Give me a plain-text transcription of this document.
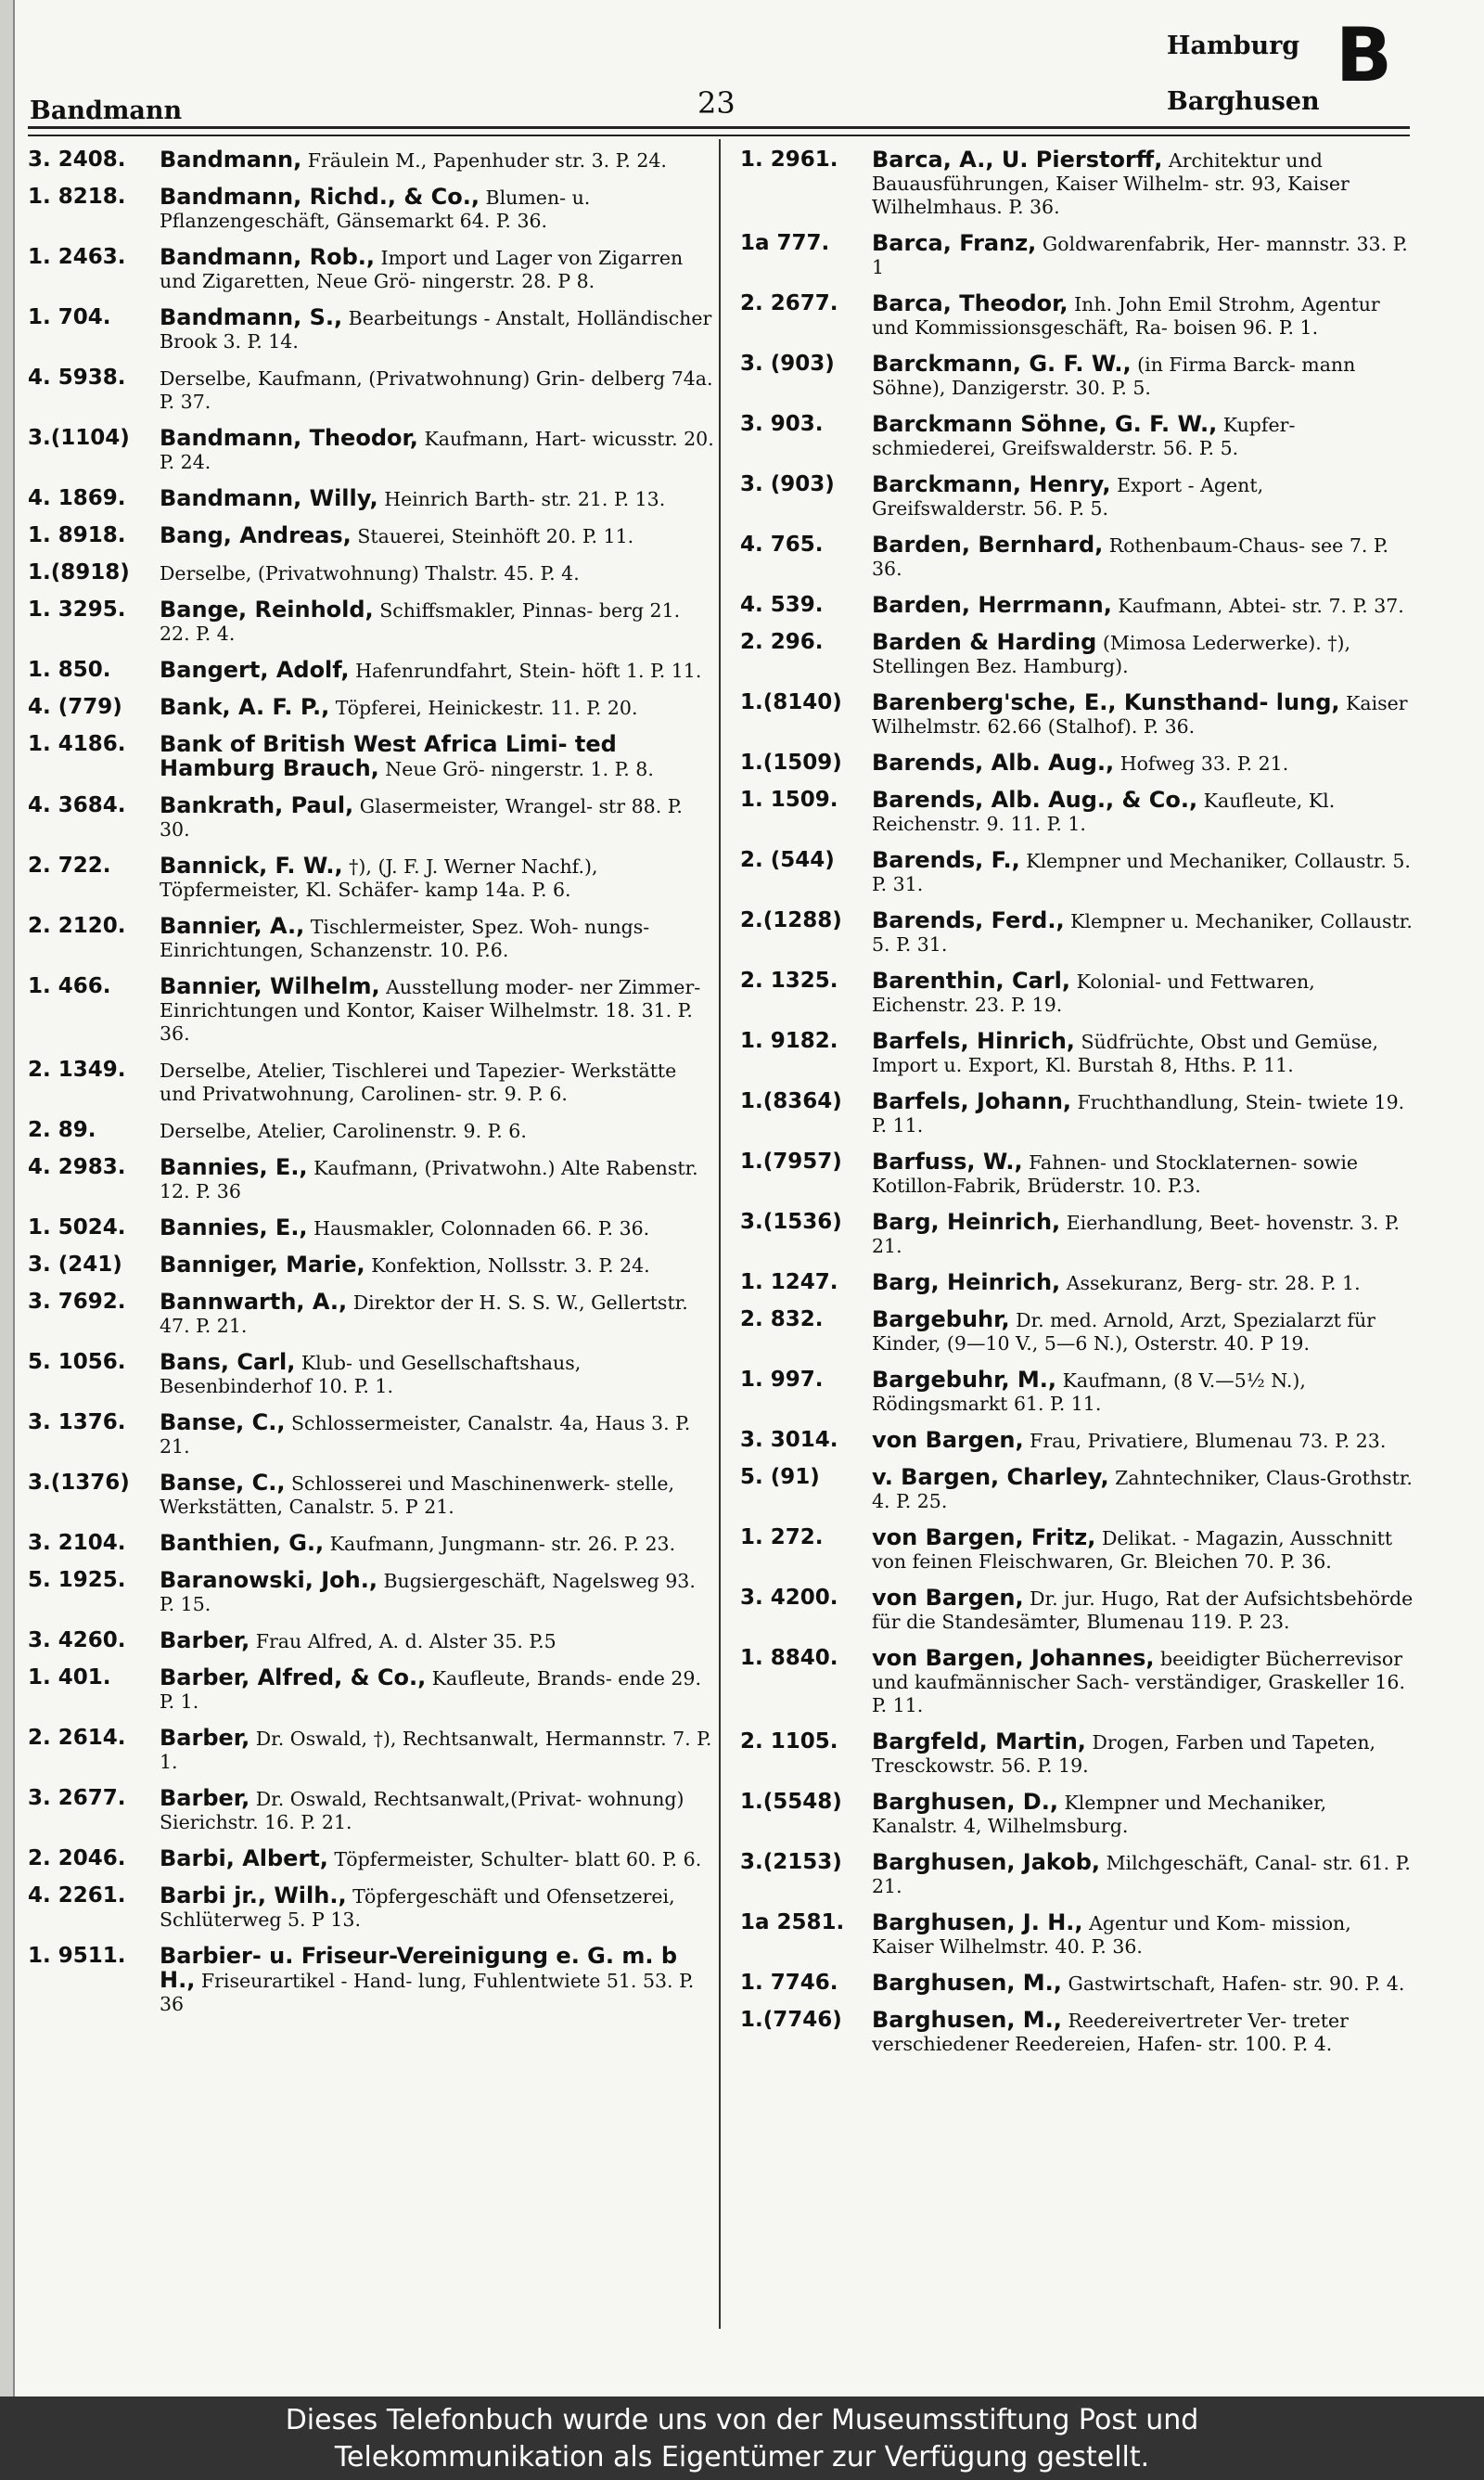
Bandmann	23
Hamburg B
Barghusen
3. 2408. Bandmann, Fräulein M., Papenhuder str. 3. P. 24.
1. 8218. Bandmann, Richd., & Co., Blumen- u. Pflanzengeschäft, Gänsemarkt 64. P. 36.
1. 2463. Bandmann, Rob., Import und Lager von Zigarren und Zigaretten, Neue Grö- ningerstr. 28. P 8.
1. 704. Bandmann, S., Bearbeitungs - Anstalt, Holländischer Brook 3. P. 14.
4. 5938. Derselbe, Kaufmann, (Privatwohnung) Grin- delberg 74a. P. 37.
3.(1104) Bandmann, Theodor, Kaufmann, Hart- wicusstr. 20. P. 24.
4. 1869. Bandmann, Willy, Heinrich Barth- str. 21. P. 13.
1. 8918. Bang, Andreas, Stauerei, Steinhöft 20. P. 11.
1.(8918) Derselbe, (Privatwohnung) Thalstr. 45. P. 4.
1. 3295. Bange, Reinhold, Schiffsmakler, Pinnas- berg 21. 22. P. 4.
1. 850. Bangert, Adolf, Hafenrundfahrt, Stein- höft 1. P. 11.
4. (779) Bank, A. F. P., Töpferei, Heinickestr. 11. P. 20.
1. 4186. Bank of British West Africa Limi- ted Hamburg Brauch, Neue Grö- ningerstr. 1. P. 8.
4. 3684. Bankrath, Paul, Glasermeister, Wrangel- str 88. P. 30.
2. 722. Bannick, F. W., †), (J. F. J. Werner Nachf.), Töpfermeister, Kl. Schäfer- kamp 14a. P. 6.
2. 2120. Bannier, A., Tischlermeister, Spez. Woh- nungs-Einrichtungen, Schanzenstr. 10. P.6.
1. 466. Bannier, Wilhelm, Ausstellung moder- ner Zimmer-Einrichtungen und Kontor, Kaiser Wilhelmstr. 18. 31. P. 36.
2. 1349. Derselbe, Atelier, Tischlerei und Tapezier- Werkstätte und Privatwohnung, Carolinen- str. 9. P. 6.
2. 89.	Derselbe, Atelier, Carolinenstr. 9. P. 6.
4. 2983. Bannies, E., Kaufmann, (Privatwohn.) Alte Rabenstr. 12. P. 36
1. 5024. Bannies, E., Hausmakler, Colonnaden 66. P. 36.
3. (241) Banniger, Marie, Konfektion, Nollsstr. 3. P. 24.
3. 7692. Bannwarth, A., Direktor der H. S. S. W., Gellertstr. 47. P. 21.
5. 1056. Bans, Carl, Klub- und Gesellschaftshaus, Besenbinderhof 10. P. 1.
3. 1376. Banse, C., Schlossermeister, Canalstr. 4a, Haus 3. P. 21.
3.(1376) Banse, C., Schlosserei und Maschinenwerk- stelle, Werkstätten, Canalstr. 5. P 21.
3. 2104. Banthien, G., Kaufmann, Jungmann- str. 26. P. 23.
5. 1925. Baranowski, Joh., Bugsiergeschäft, Nagelsweg 93. P. 15.
3. 4260. Barber, Frau Alfred, A. d. Alster 35. P.5
1. 401. Barber, Alfred, & Co., Kaufleute, Brands- ende 29. P. 1.
2. 2614. Barber, Dr. Oswald, †), Rechtsanwalt, Hermannstr. 7. P. 1.
3. 2677. Barber, Dr. Oswald, Rechtsanwalt,(Privat- wohnung) Sierichstr. 16. P. 21.
2. 2046. Barbi, Albert, Töpfermeister, Schulter- blatt 60. P. 6.
4. 2261. Barbi jr., Wilh., Töpfergeschäft und Ofensetzerei, Schlüterweg 5. P 13.
1. 9511. Barbier- u. Friseur-Vereinigung e. G. m. b H., Friseurartikel - Hand- lung, Fuhlentwiete 51. 53. P. 36
1. 2961. Barca, A., U. Pierstorff, Architektur und Bauausführungen, Kaiser Wilhelm- str. 93, Kaiser Wilhelmhaus. P. 36.
1a 777. Barca, Franz, Goldwarenfabrik, Her- mannstr. 33. P. 1
2. 2677. Barca, Theodor, Inh. John Emil Strohm, Agentur und Kommissionsgeschäft, Ra- boisen 96. P. 1.
3. (903) Barckmann, G. F. W., (in Firma Barck- mann Söhne), Danzigerstr. 30. P. 5.
3. 903. Barckmann Söhne, G. F. W., Kupfer- schmiederei, Greifswalderstr. 56. P. 5.
3. (903) Barckmann, Henry, Export - Agent, Greifswalderstr. 56. P. 5.
4. 765. Barden, Bernhard, Rothenbaum-Chaus- see 7. P. 36.
4. 539. Barden, Herrmann, Kaufmann, Abtei- str. 7. P. 37.
2. 296. Barden & Harding (Mimosa Lederwerke). †), Stellingen Bez. Hamburg).
1.(8140) Barenberg'sche, E., Kunsthand- lung, Kaiser Wilhelmstr. 62.66 (Stalhof). P. 36.
1.(1509) Barends, Alb. Aug., Hofweg 33. P. 21.
1. 1509. Barends, Alb. Aug., & Co., Kaufleute, Kl. Reichenstr. 9. 11. P. 1.
2. (544) Barends, F., Klempner und Mechaniker, Collaustr. 5. P. 31.
2.(1288) Barends, Ferd., Klempner u. Mechaniker, Collaustr. 5. P. 31.
2. 1325. Barenthin, Carl, Kolonial- und Fettwaren, Eichenstr. 23. P. 19.
1. 9182. Barfels, Hinrich, Südfrüchte, Obst und Gemüse, Import u. Export, Kl. Burstah 8, Hths. P. 11.
1.(8364) Barfels, Johann, Fruchthandlung, Stein- twiete 19. P. 11.
1.(7957) Barfuss, W., Fahnen- und Stocklaternen- sowie Kotillon-Fabrik, Brüderstr. 10. P.3.
3.(1536) Barg, Heinrich, Eierhandlung, Beet- hovenstr. 3. P. 21.
1. 1247. Barg, Heinrich, Assekuranz, Berg- str. 28. P. 1.
2. 832. Bargebuhr, Dr. med. Arnold, Arzt, Spezialarzt für Kinder, (9—10 V., 5—6 N.), Osterstr. 40. P 19.
1. 997. Bargebuhr, M., Kaufmann, (8 V.—5½ N.), Rödingsmarkt 61. P. 11.
3. 3014. von Bargen, Frau, Privatiere, Blumenau 73. P. 23.
5. (91) v. Bargen, Charley, Zahntechniker, Claus-Grothstr. 4. P. 25.
1. 272. von Bargen, Fritz, Delikat. - Magazin, Ausschnitt von feinen Fleischwaren, Gr. Bleichen 70. P. 36.
3. 4200. von Bargen, Dr. jur. Hugo, Rat der Aufsichtsbehörde für die Standesämter, Blumenau 119. P. 23.
1. 8840. von Bargen, Johannes, beeidigter Bücherrevisor und kaufmännischer Sach- verständiger, Graskeller 16. P. 11.
2. 1105. Bargfeld, Martin, Drogen, Farben und Tapeten, Tresckowstr. 56. P. 19.
1.(5548) Barghusen, D., Klempner und Mechaniker, Kanalstr. 4, Wilhelmsburg.
3.(2153) Barghusen, Jakob, Milchgeschäft, Canal- str. 61. P. 21.
1a 2581. Barghusen, J. H., Agentur und Kom- mission, Kaiser Wilhelmstr. 40. P. 36.
1. 7746. Barghusen, M., Gastwirtschaft, Hafen- str. 90. P. 4.
1.(7746) Barghusen, M., Reedereivertreter Ver- treter verschiedener Reedereien, Hafen- str. 100. P. 4.
Dieses Telefonbuch wurde uns von der Museumsstiftung Post und
Telekommunikation als Eigentümer zur Verfügung gestellt.
